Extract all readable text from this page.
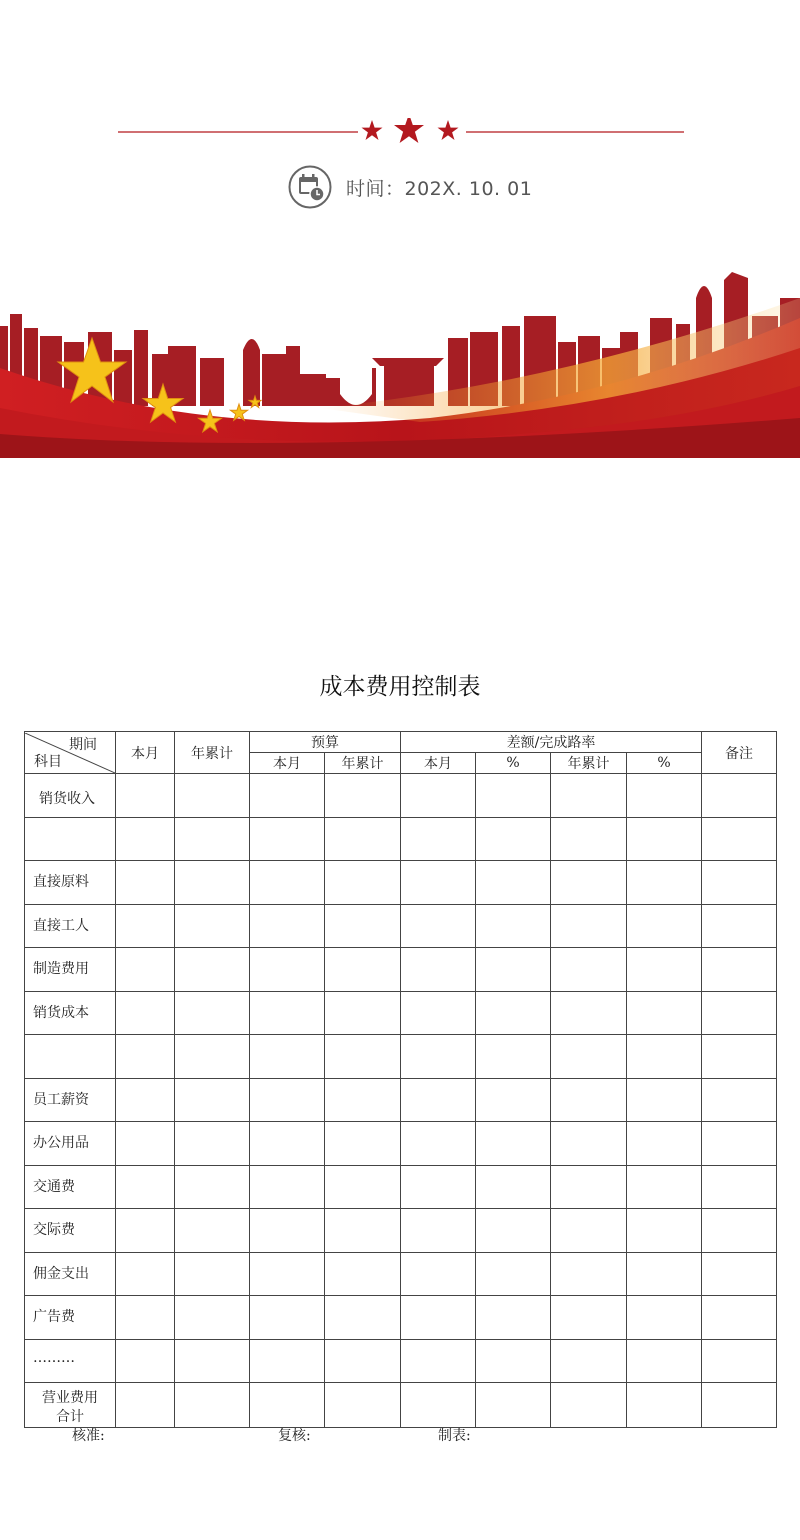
时间：202X. 10. 01
成本费用控制表
期间
科目	本月	年累计	预算		差额/完成路率				备注
			本月	年累计	本月	%	年累计	%	
销货收入									

直接原料									
直接工人									
制造费用									
销货成本									

员工薪资									
办公用品									
交通费									
交际费									
佣金支出									
广告费									
………									
营业费用
合计									
核准:	复核:	制表:
